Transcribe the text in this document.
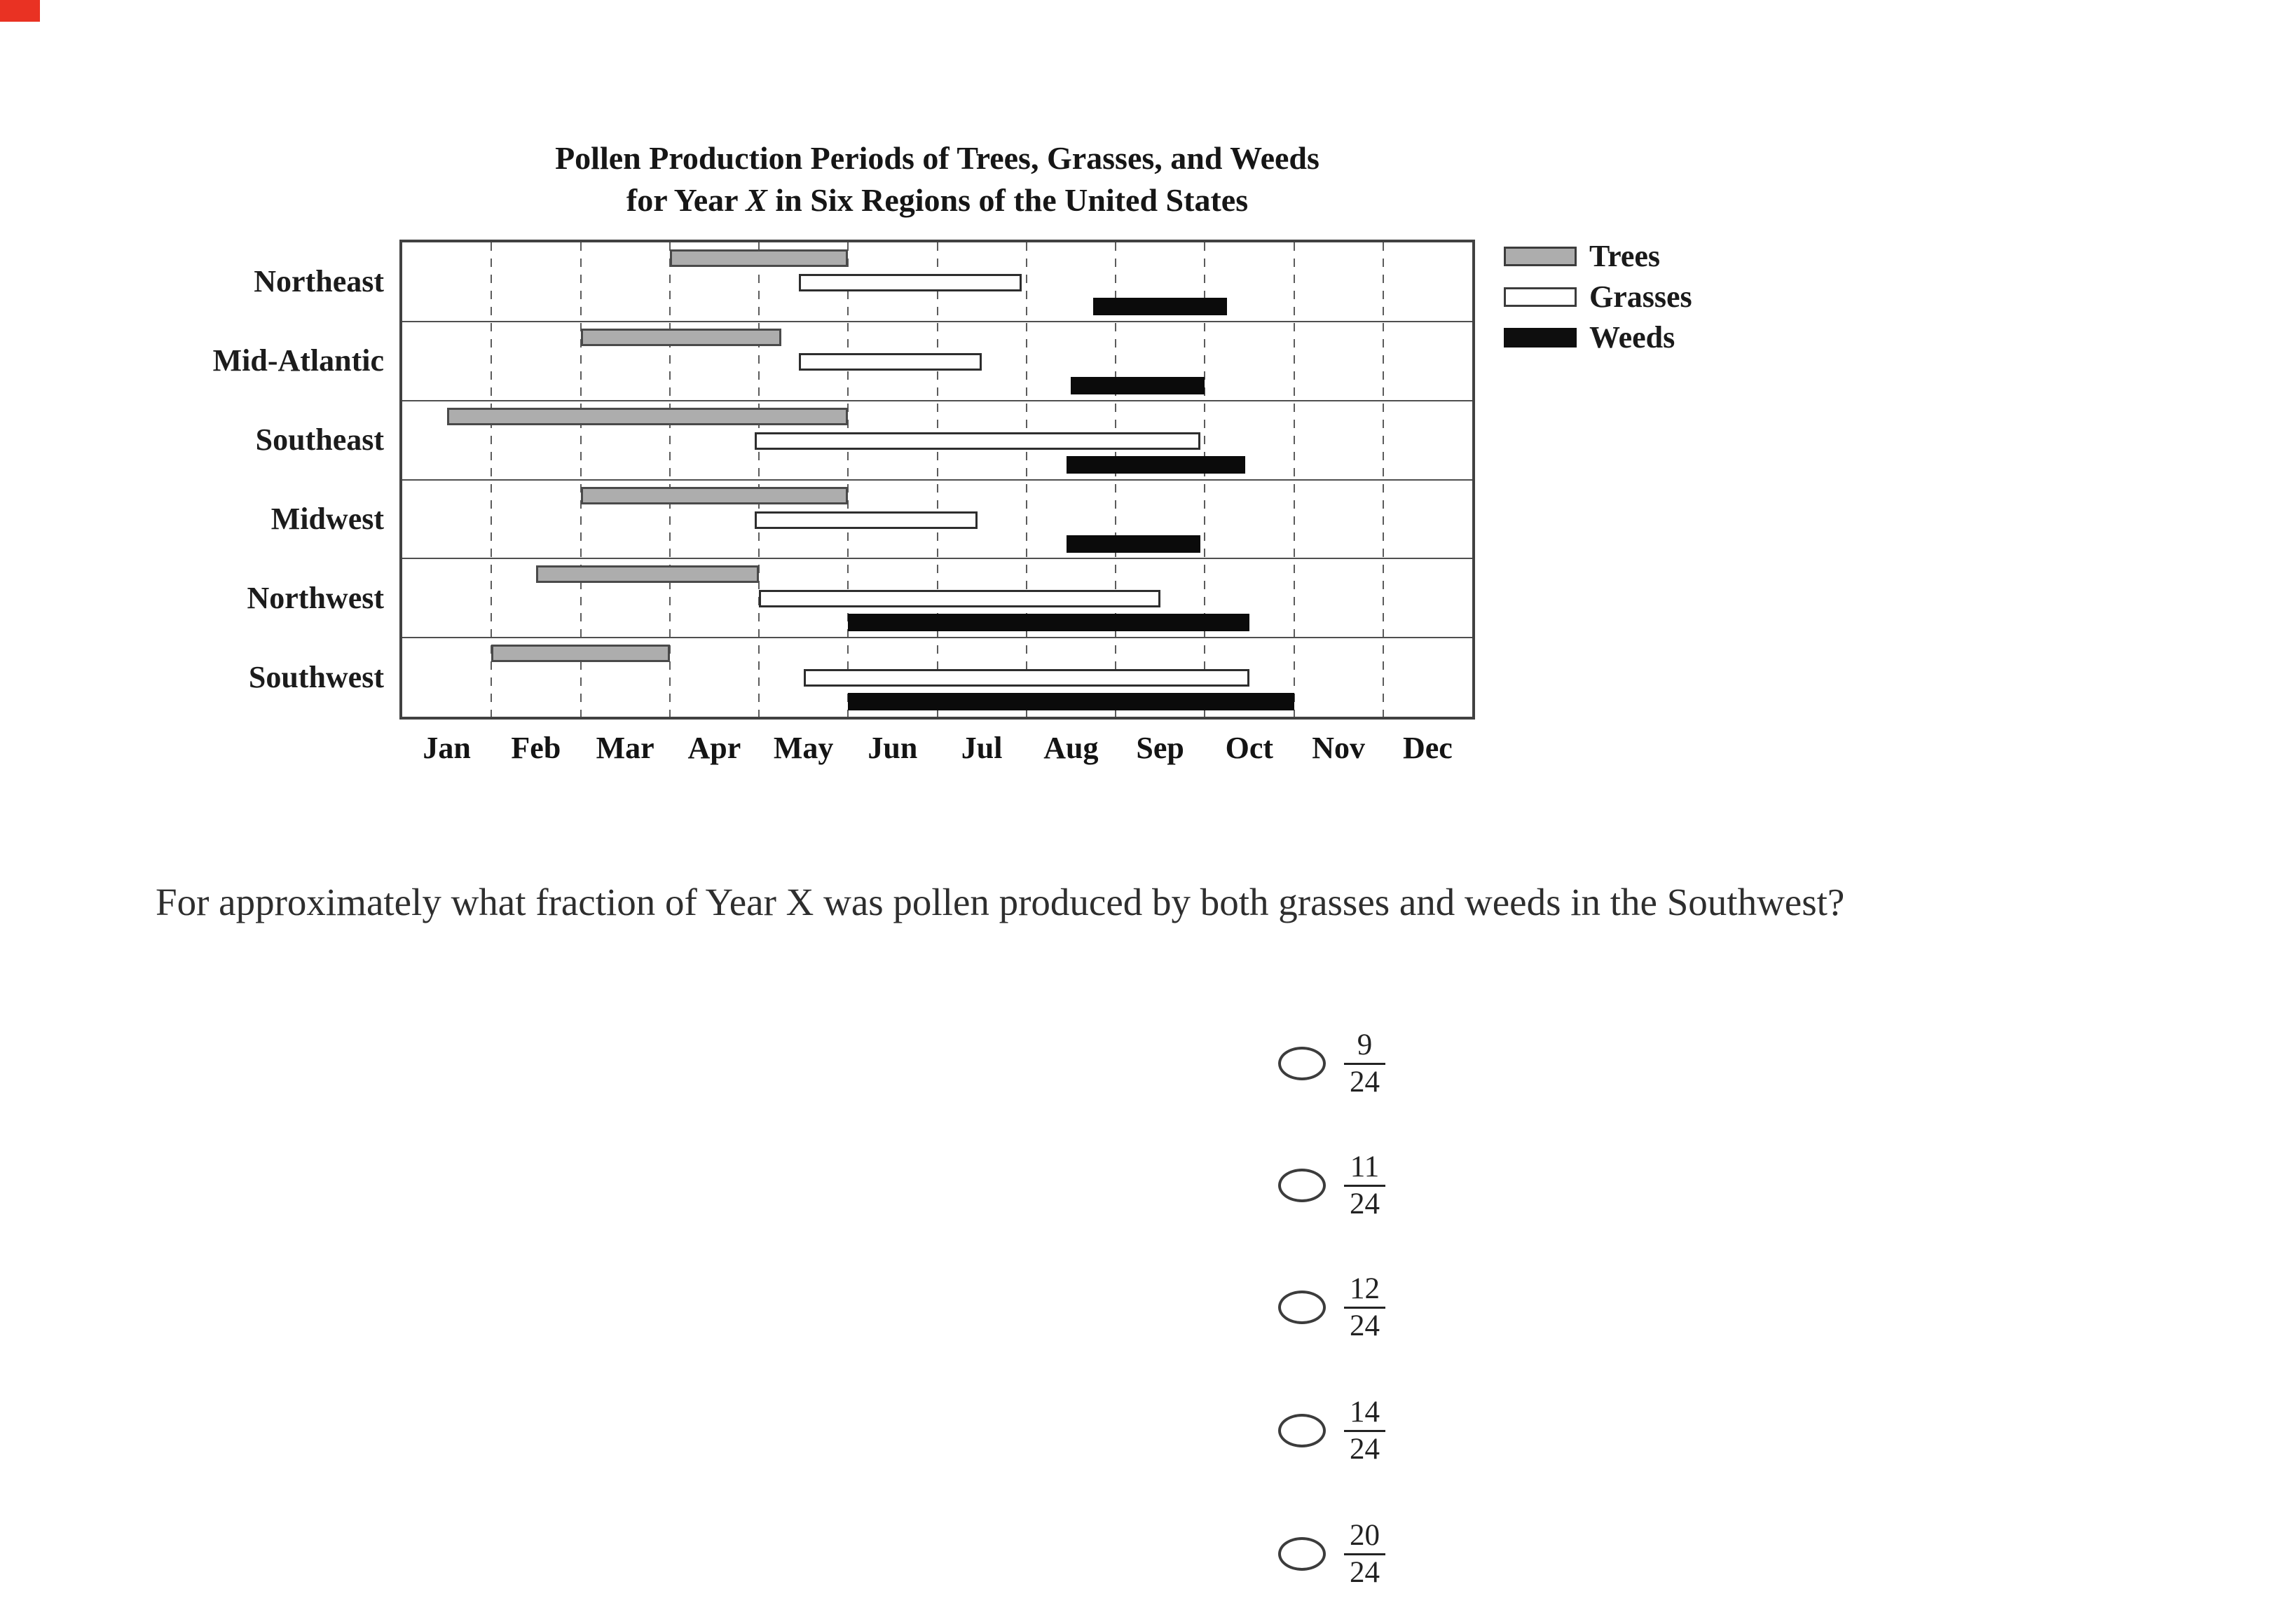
Pollen Production Periods of Trees, Grasses, and Weeds
for Year X in Six Regions of the United States
Northeast
Mid-Atlantic
Southeast
Midwest
Northwest
Southwest
Jan	Feb	Mar	Apr	May	Jun	Jul	Aug	Sep	Oct	Nov	Dec
Trees
Grasses
Weeds
For approximately what fraction of Year X was pollen produced by both grasses and weeds in the Southwest?
$\frac{9}{24}$
$\frac{11}{24}$
$\frac{12}{24}$
$\frac{14}{24}$
$\frac{20}{24}$
